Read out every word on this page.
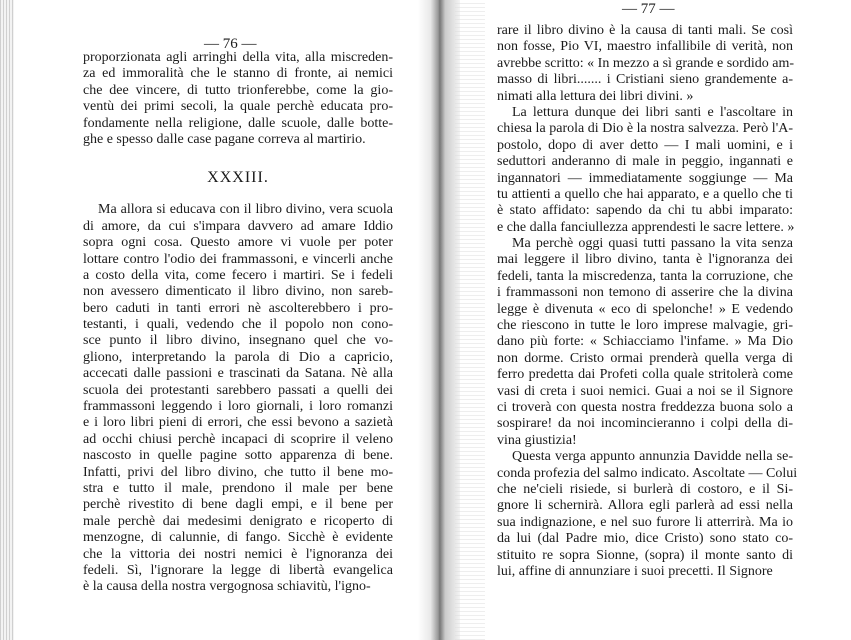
— 76 —
proporzionata agli arringhi della vita, alla miscreden-
za ed immoralità che le stanno di fronte, ai nemici
che dee vincere, di tutto trionferebbe, come la gio-
ventù dei primi secoli, la quale perchè educata pro-
fondamente nella religione, dalle scuole, dalle botte-
ghe e spesso dalle case pagane correva al martirio.
XXXIII.
Ma allora si educava con il libro divino, vera scuola
di amore, da cui s'impara davvero ad amare Iddio
sopra ogni cosa. Questo amore vi vuole per poter
lottare contro l'odio dei frammassoni, e vincerli anche
a costo della vita, come fecero i martiri. Se i fedeli
non avessero dimenticato il libro divino, non sareb-
bero caduti in tanti errori nè ascolterebbero i pro-
testanti, i quali, vedendo che il popolo non cono-
sce punto il libro divino, insegnano quel che vo-
gliono, interpretando la parola di Dio a capricio,
accecati dalle passioni e trascinati da Satana. Nè alla
scuola dei protestanti sarebbero passati a quelli dei
frammassoni leggendo i loro giornali, i loro romanzi
e i loro libri pieni di errori, che essi bevono a sazietà
ad occhi chiusi perchè incapaci di scoprire il veleno
nascosto in quelle pagine sotto apparenza di bene.
Infatti, privi del libro divino, che tutto il bene mo-
stra e tutto il male, prendono il male per bene
perchè rivestito di bene dagli empi, e il bene per
male perchè dai medesimi denigrato e ricoperto di
menzogne, di calunnie, di fango. Sicchè è evidente
che la vittoria dei nostri nemici è l'ignoranza dei
fedeli. Sì, l'ignorare la legge di libertà evangelica
è la causa della nostra vergognosa schiavitù, l'igno-
— 77 —
rare il libro divino è la causa di tanti mali. Se così
non fosse, Pio VI, maestro infallibile di verità, non
avrebbe scritto: « In mezzo a sì grande e sordido am-
masso di libri....... i Cristiani sieno grandemente a-
nimati alla lettura dei libri divini. »
La lettura dunque dei libri santi e l'ascoltare in
chiesa la parola di Dio è la nostra salvezza. Però l'A-
postolo, dopo di aver detto — I mali uomini, e i
seduttori anderanno di male in peggio, ingannati e
ingannatori — immediatamente soggiunge — Ma
tu attienti a quello che hai apparato, e a quello che ti
è stato affidato: sapendo da chi tu abbi imparato:
e che dalla fanciullezza apprendesti le sacre lettere. »
Ma perchè oggi quasi tutti passano la vita senza
mai leggere il libro divino, tanta è l'ignoranza dei
fedeli, tanta la miscredenza, tanta la corruzione, che
i frammassoni non temono di asserire che la divina
legge è divenuta « eco di spelonche! » E vedendo
che riescono in tutte le loro imprese malvagie, gri-
dano più forte: « Schiacciamo l'infame. » Ma Dio
non dorme. Cristo ormai prenderà quella verga di
ferro predetta dai Profeti colla quale stritolerà come
vasi di creta i suoi nemici. Guai a noi se il Signore
ci troverà con questa nostra freddezza buona solo a
sospirare! da noi incomincieranno i colpi della di-
vina giustizia!
Questa verga appunto annunzia Davidde nella se-
conda profezia del salmo indicato. Ascoltate — Colui
che ne'cieli risiede, si burlerà di costoro, e il Si-
gnore li schernirà. Allora egli parlerà ad essi nella
sua indignazione, e nel suo furore li atterrirà. Ma io
da lui (dal Padre mio, dice Cristo) sono stato co-
stituito re sopra Sionne, (sopra) il monte santo di
lui, affine di annunziare i suoi precetti. Il Signore
